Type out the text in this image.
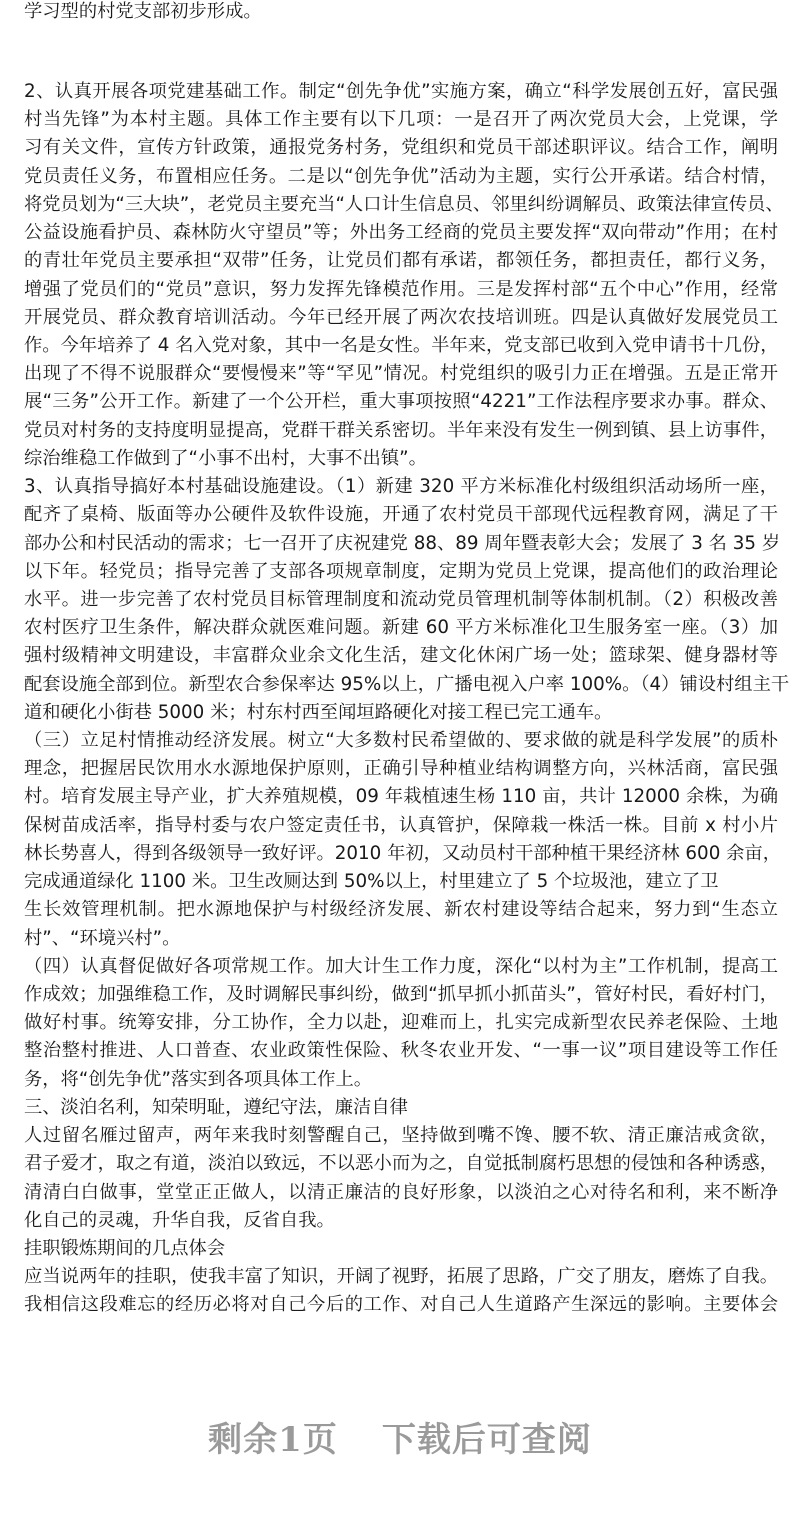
学习型的村党支部初步形成。
2、认真开展各项党建基础工作。制定“创先争优”实施方案，确立“科学发展创五好，富民强
村当先锋”为本村主题。具体工作主要有以下几项：一是召开了两次党员大会，上党课，学
习有关文件，宣传方针政策，通报党务村务，党组织和党员干部述职评议。结合工作，阐明
党员责任义务，布置相应任务。二是以“创先争优”活动为主题，实行公开承诺。结合村情，
将党员划为“三大块”，老党员主要充当“人口计生信息员、邻里纠纷调解员、政策法律宣传员、
公益设施看护员、森林防火守望员”等；外出务工经商的党员主要发挥“双向带动”作用；在村
的青壮年党员主要承担“双带”任务，让党员们都有承诺，都领任务，都担责任，都行义务，
增强了党员们的“党员”意识，努力发挥先锋模范作用。三是发挥村部“五个中心”作用，经常
开展党员、群众教育培训活动。今年已经开展了两次农技培训班。四是认真做好发展党员工
作。今年培养了 4 名入党对象，其中一名是女性。半年来，党支部已收到入党申请书十几份，
出现了不得不说服群众“要慢慢来”等“罕见”情况。村党组织的吸引力正在增强。五是正常开
展“三务”公开工作。新建了一个公开栏，重大事项按照“4221”工作法程序要求办事。群众、
党员对村务的支持度明显提高，党群干群关系密切。半年来没有发生一例到镇、县上访事件，
综治维稳工作做到了“小事不出村，大事不出镇”。
3、认真指导搞好本村基础设施建设。（1）新建 320 平方米标准化村级组织活动场所一座，
配齐了桌椅、版面等办公硬件及软件设施，开通了农村党员干部现代远程教育网，满足了干
部办公和村民活动的需求；七一召开了庆祝建党 88、89 周年暨表彰大会；发展了 3 名 35 岁
以下年。轻党员；指导完善了支部各项规章制度，定期为党员上党课，提高他们的政治理论
水平。进一步完善了农村党员目标管理制度和流动党员管理机制等体制机制。（2）积极改善
农村医疗卫生条件，解决群众就医难问题。新建 60 平方米标准化卫生服务室一座。（3）加
强村级精神文明建设，丰富群众业余文化生活，建文化休闲广场一处；篮球架、健身器材等
配套设施全部到位。新型农合参保率达 95%以上，广播电视入户率 100%。（4）铺设村组主干
道和硬化小街巷 5000 米；村东村西至闻垣路硬化对接工程已完工通车。
（三）立足村情推动经济发展。树立“大多数村民希望做的、要求做的就是科学发展”的质朴
理念，把握居民饮用水水源地保护原则，正确引导种植业结构调整方向，兴林活商，富民强
村。培育发展主导产业，扩大养殖规模，09 年栽植速生杨 110 亩，共计 12000 余株，为确
保树苗成活率，指导村委与农户签定责任书，认真管护，保障栽一株活一株。目前 x 村小片
林长势喜人，得到各级领导一致好评。2010 年初，又动员村干部种植干果经济林 600 余亩，
完成通道绿化 1100 米。卫生改厕达到 50%以上，村里建立了 5 个垃圾池，建立了卫
生长效管理机制。把水源地保护与村级经济发展、新农村建设等结合起来，努力到“生态立
村”、“环境兴村”。
（四）认真督促做好各项常规工作。加大计生工作力度，深化“以村为主”工作机制，提高工
作成效；加强维稳工作，及时调解民事纠纷，做到“抓早抓小抓苗头”，管好村民，看好村门，
做好村事。统筹安排，分工协作，全力以赴，迎难而上，扎实完成新型农民养老保险、土地
整治整村推进、人口普查、农业政策性保险、秋冬农业开发、“一事一议”项目建设等工作任
务，将“创先争优”落实到各项具体工作上。
三、淡泊名利，知荣明耻，遵纪守法，廉洁自律
人过留名雁过留声，两年来我时刻警醒自己，坚持做到嘴不馋、腰不软、清正廉洁戒贪欲，
君子爱才，取之有道，淡泊以致远，不以恶小而为之，自觉抵制腐朽思想的侵蚀和各种诱惑，
清清白白做事，堂堂正正做人，以清正廉洁的良好形象，以淡泊之心对待名和利，来不断净
化自己的灵魂，升华自我，反省自我。
挂职锻炼期间的几点体会
应当说两年的挂职，使我丰富了知识，开阔了视野，拓展了思路，广交了朋友，磨炼了自我。
我相信这段难忘的经历必将对自己今后的工作、对自己人生道路产生深远的影响。主要体会
剩余1页 下载后可查阅
